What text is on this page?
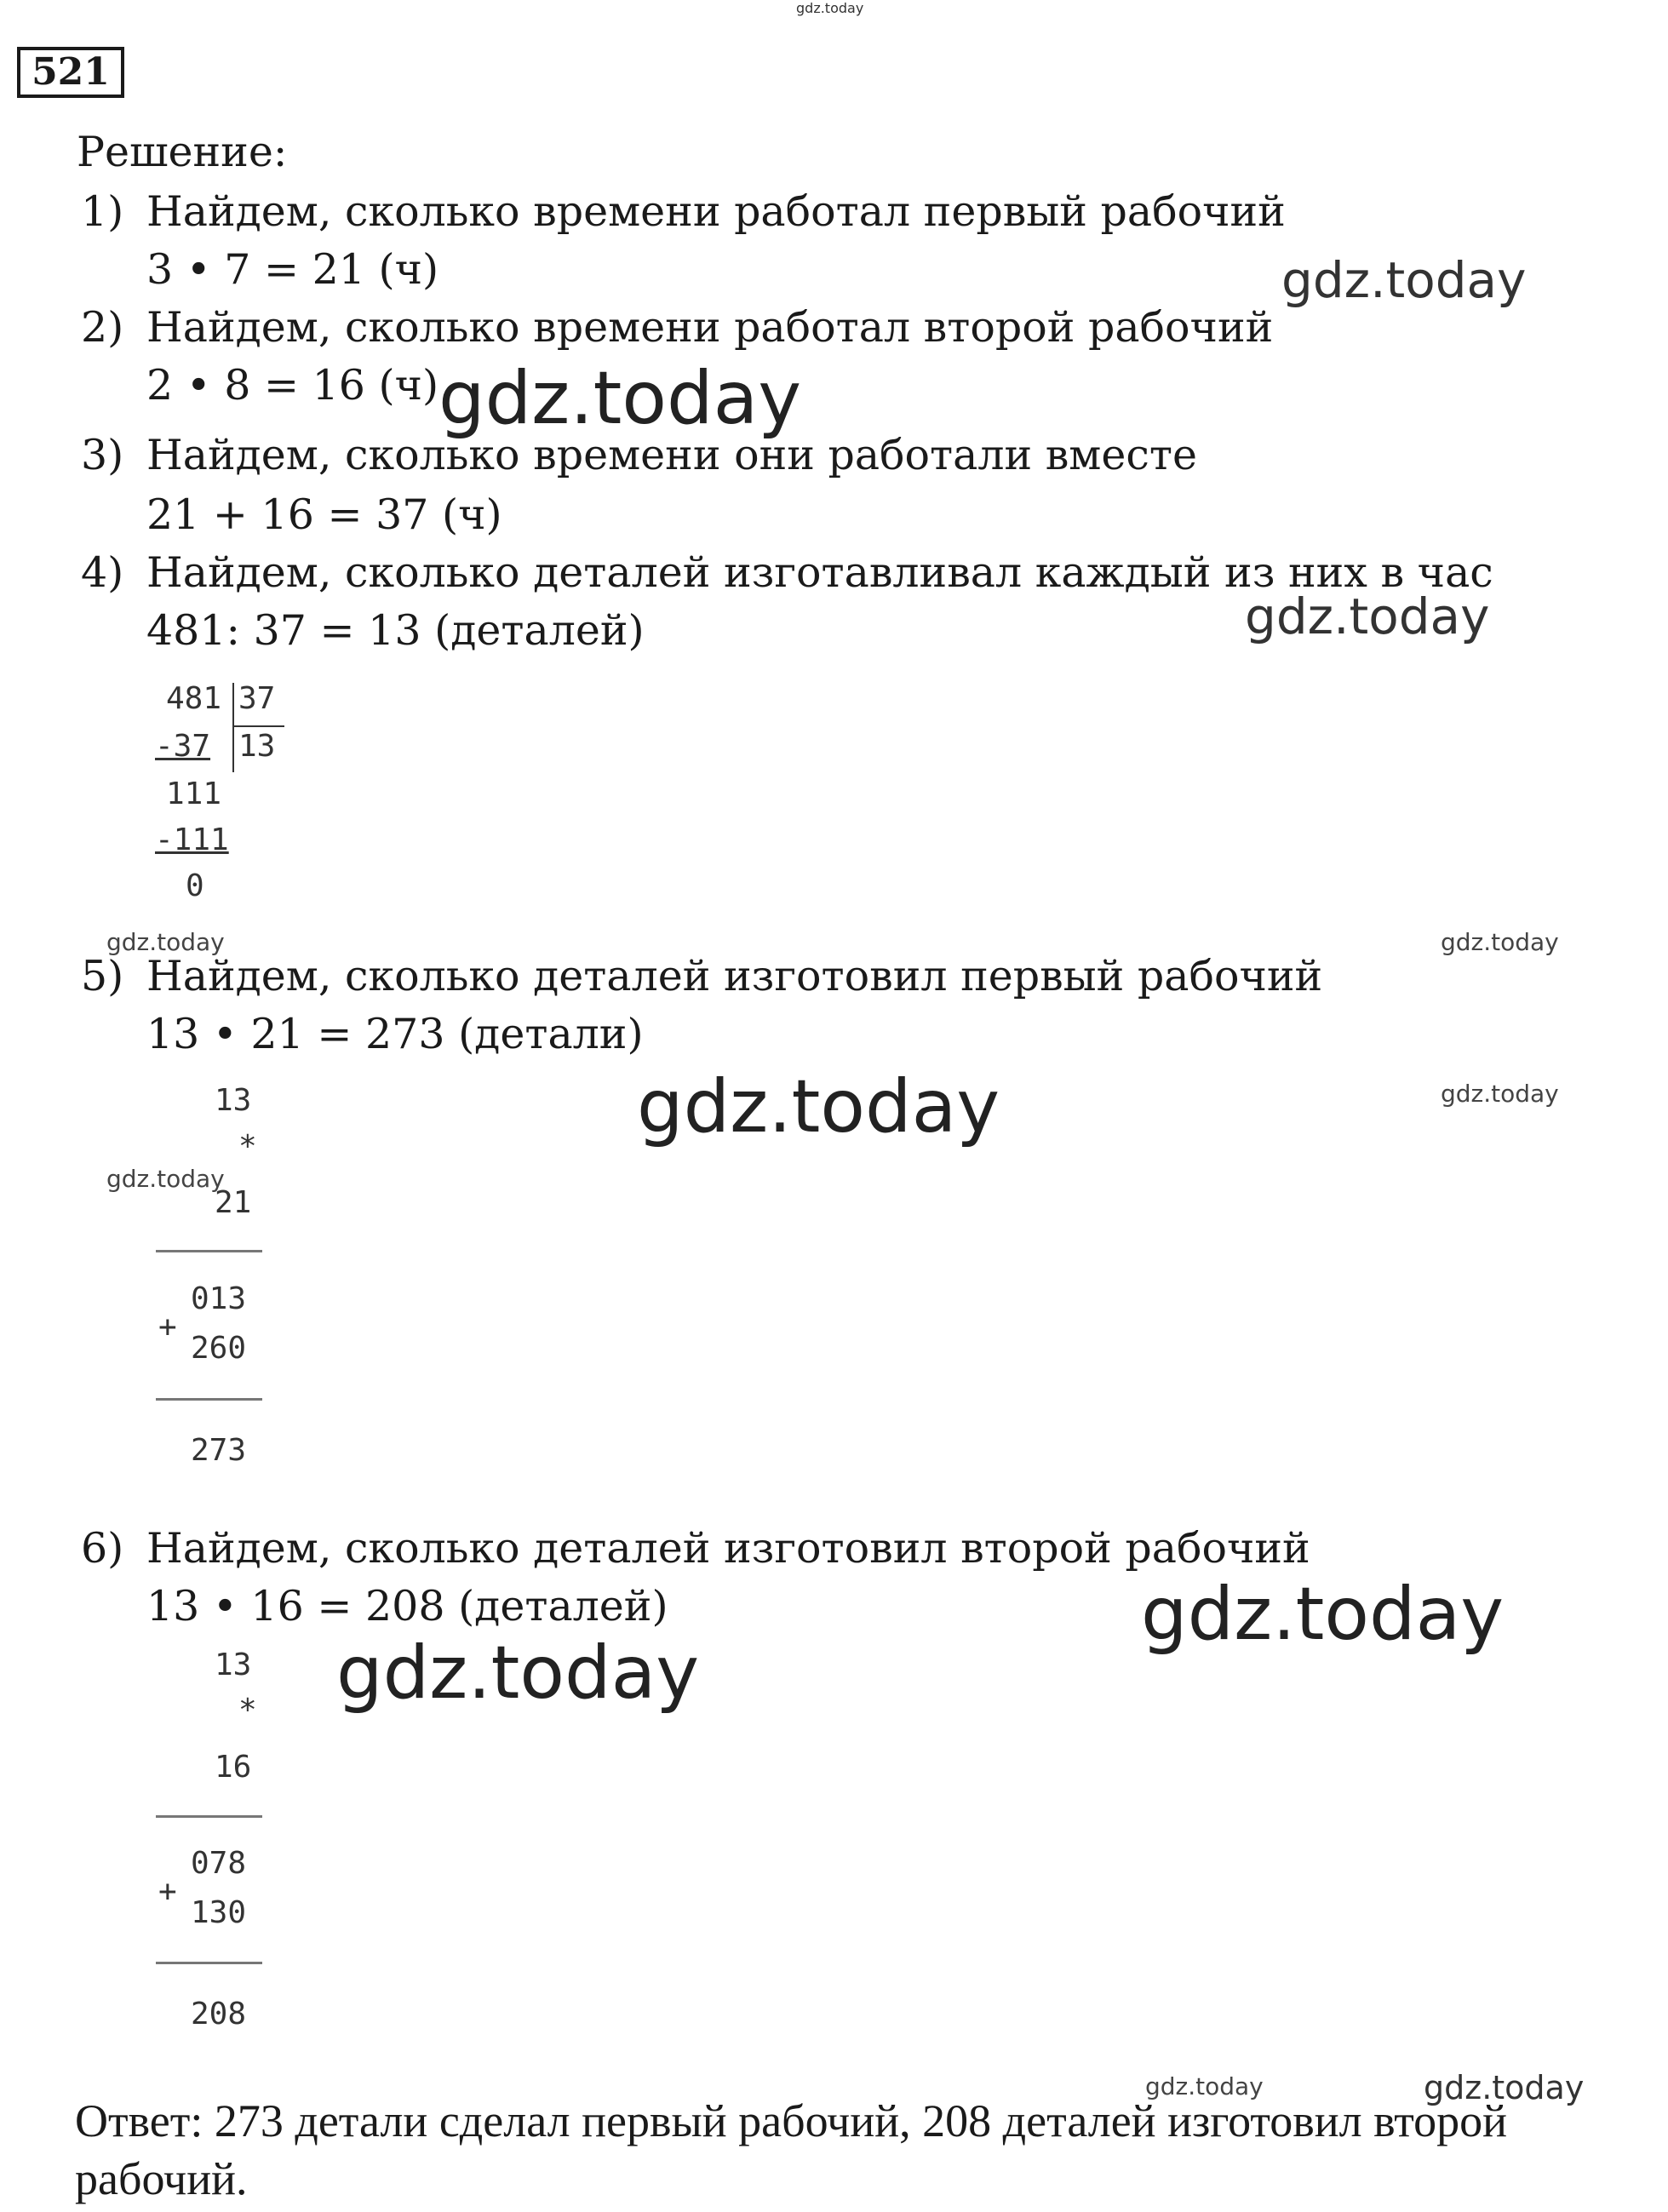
gdz.today
521
Решение:
1) Найдем, сколько времени работал первый рабочий
3 • 7 = 21 (ч)
2) Найдем, сколько времени работал второй рабочий
2 • 8 = 16 (ч)
3) Найдем, сколько времени они работали вместе
21 + 16 = 37 (ч)
4) Найдем, сколько деталей изготавливал каждый из них в час
481: 37 = 13 (деталей)
481 37
-37 13
111
-111
0
gdz.today	gdz.today
5) Найдем, сколько деталей изготовил первый рабочий
13 • 21 = 273 (детали)
13
*
gdz.today
21
013
+
260
273
6) Найдем, сколько деталей изготовил второй рабочий
13 • 16 = 208 (деталей)
13
*
16
078
+
130
208
gdz.today
gdz.today
gdz.today
gdz.today
gdz.today
gdz.today
gdz.today
gdz.today	gdz.today
Ответ: 273 детали сделал первый рабочий, 208 деталей изготовил второй
рабочий.
